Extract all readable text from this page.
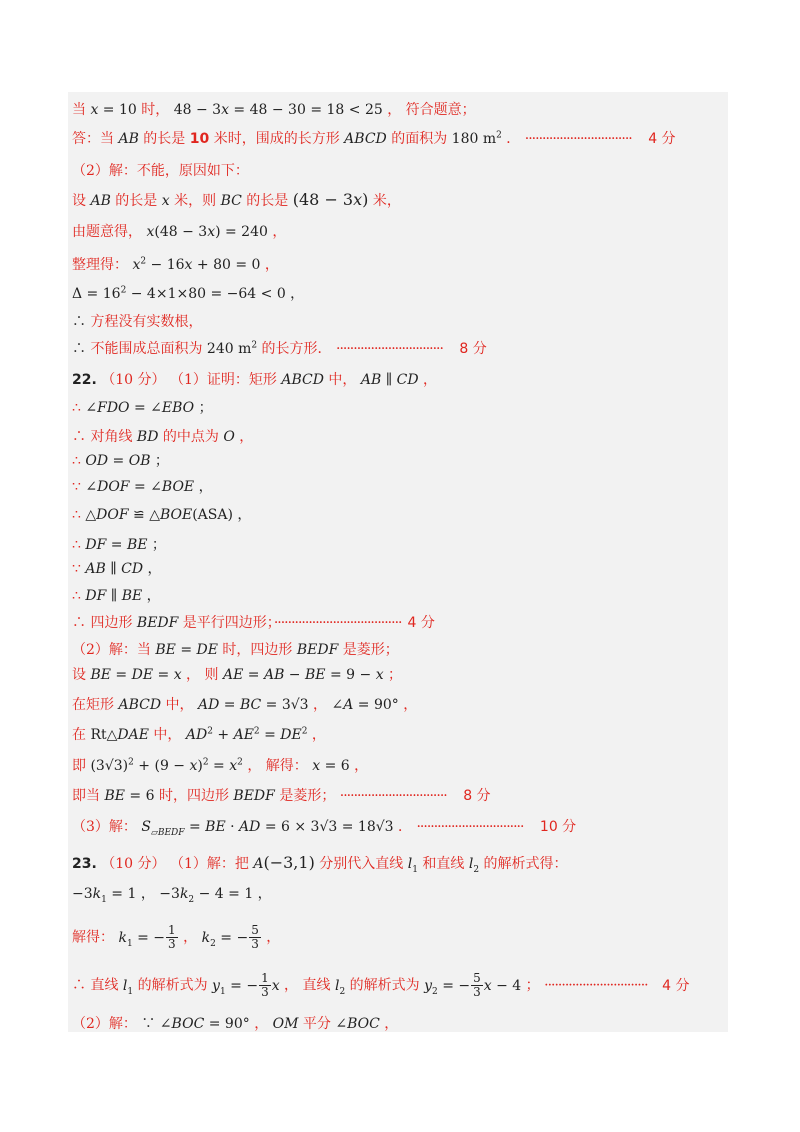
当 x = 10 时， 48 − 3x = 48 − 30 = 18 < 25 ， 符合题意；
答：当 AB 的长是 10 米时，围成的长方形 ABCD 的面积为 180 $m^2$ ． ······························· 4 分
（2）解：不能，原因如下：
设 AB 的长是 x 米，则 BC 的长是 (48 − 3x) 米，
由题意得， x(48 − 3x) = 240 ，
整理得： $x^2 - 16x + 80 = 0$ ，
$\Delta = 16^2 - 4\times 1\times 80 = -64 < 0$ ，
∴ 方程没有实数根，
∴ 不能围成总面积为 240 $m^2$ 的长方形． ······························· 8 分
22. （10 分） （1）证明：矩形 ABCD 中， AB ∥ CD ，
∴ ∠FDO = ∠EBO ；
∴ 对角线 BD 的中点为 O ，
∴ OD = OB ；
∵ ∠DOF = ∠BOE ，
∴ △DOF ≌ △BOE(ASA) ，
∴ DF = BE ；
∵ AB ∥ CD ，
∴ DF ∥ BE ，
∴ 四边形 BEDF 是平行四边形；····································· 4 分
（2）解：当 BE = DE 时，四边形 BEDF 是菱形；
设 BE = DE = x ， 则 AE = AB − BE = 9 − x ；
在矩形 ABCD 中， AD = BC = 3√3 ， ∠A = 90° ，
在 Rt△DAE 中， $AD^2 + AE^2 = DE^2$ ，
即 $(3√3)^2 + (9 - x)^2 = x^2$ ， 解得： x = 6 ，
即当 BE = 6 时，四边形 BEDF 是菱形； ······························· 8 分
（3）解： $S_{▱BEDF}$ = BE · AD = 6 × 3√3 = 18√3 ． ······························· 10 分
23. （10 分） （1）解：把 A(−3,1) 分别代入直线 $l_1$ 和直线 $l_2$ 的解析式得：
$-3k_1 = 1$ ， $-3k_2 - 4 = 1$ ，
解得： $k_1$ = − $\frac{1}{3}$ ， $k_2$ = − $\frac{5}{3}$ ，
∴ 直线 $l_1$ 的解析式为 $y_1$ = − $\frac{1}{3}$ x ， 直线 $l_2$ 的解析式为 $y_2$ = − $\frac{5}{3}$ x − 4 ； ······························ 4 分
（2）解： ∵ ∠BOC = 90° ， OM 平分 ∠BOC ，
